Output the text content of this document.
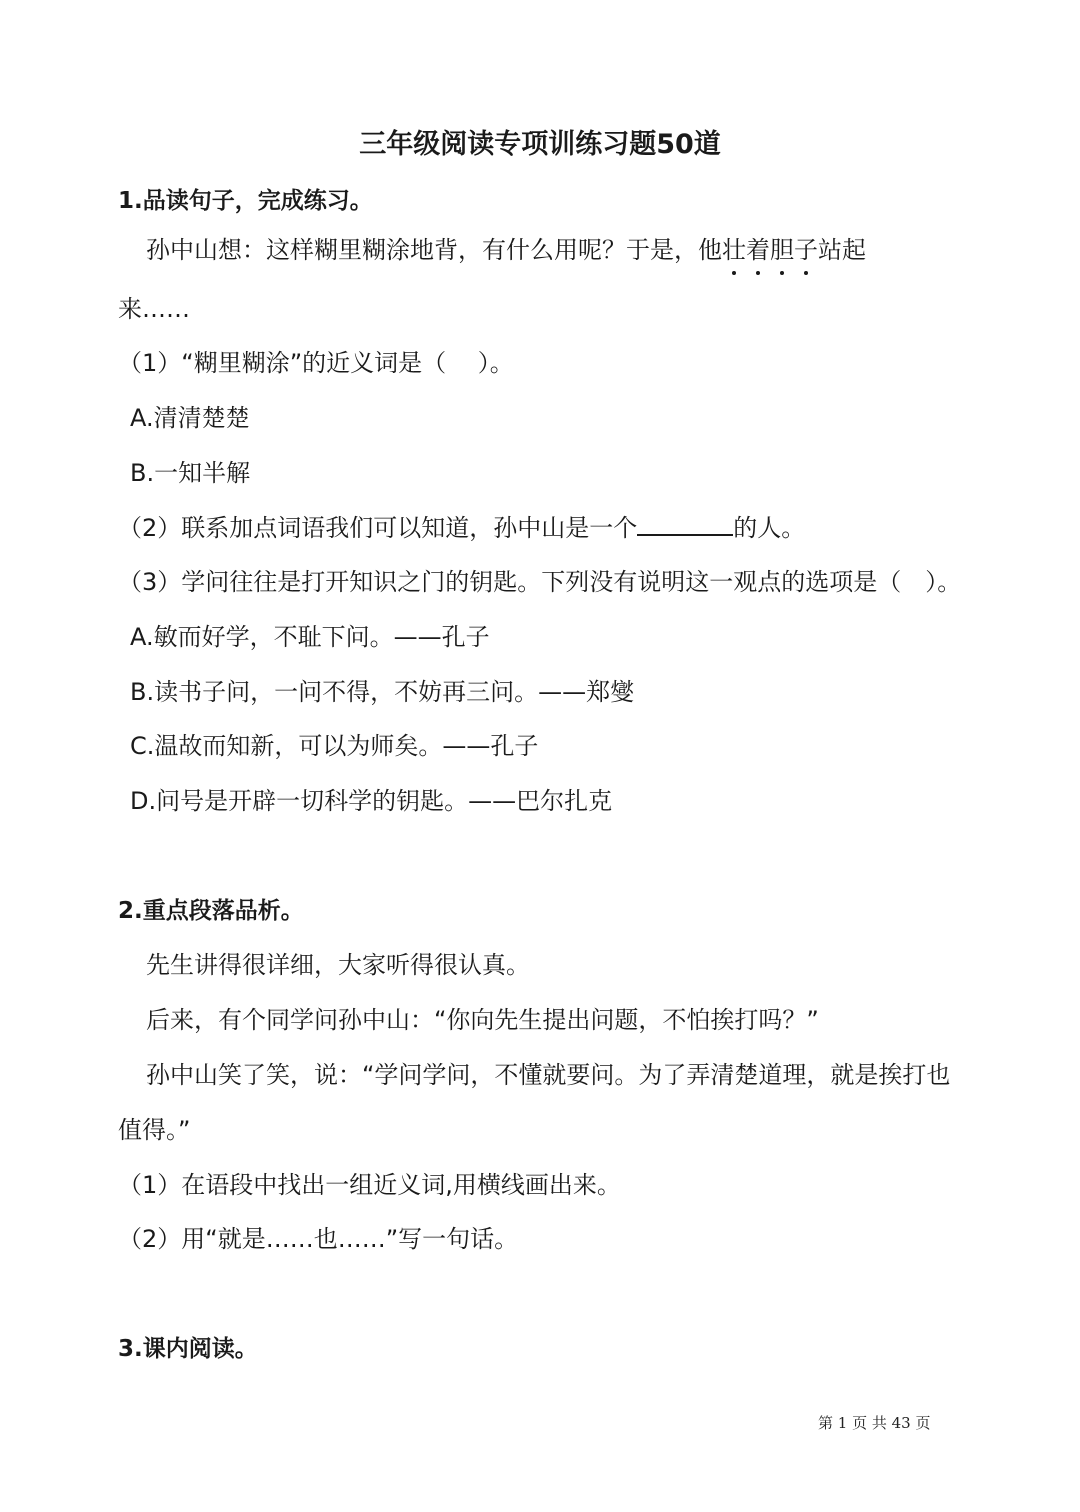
三年级阅读专项训练习题50道
1.品读句子，完成练习。
孙中山想：这样糊里糊涂地背，有什么用呢？于是，他壮着胆子站起
来……
（1）“糊里糊涂”的近义词是（　 ）。
A.清清楚楚
B.一知半解
（2）联系加点词语我们可以知道，孙中山是一个	的人。
（3）学问往往是打开知识之门的钥匙。下列没有说明这一观点的选项是（　）。
A.敏而好学，不耻下问。——孔子
B.读书子问，一问不得，不妨再三问。——郑燮
C.温故而知新，可以为师矣。——孔子
D.问号是开辟一切科学的钥匙。——巴尔扎克
2.重点段落品析。
先生讲得很详细，大家听得很认真。
后来，有个同学问孙中山：“你向先生提出问题，不怕挨打吗？”
孙中山笑了笑，说：“学问学问，不懂就要问。为了弄清楚道理，就是挨打也
值得。”
（1）在语段中找出一组近义词,用横线画出来。
（2）用“就是……也……”写一句话。
3.课内阅读。
第 1 页 共 43 页
